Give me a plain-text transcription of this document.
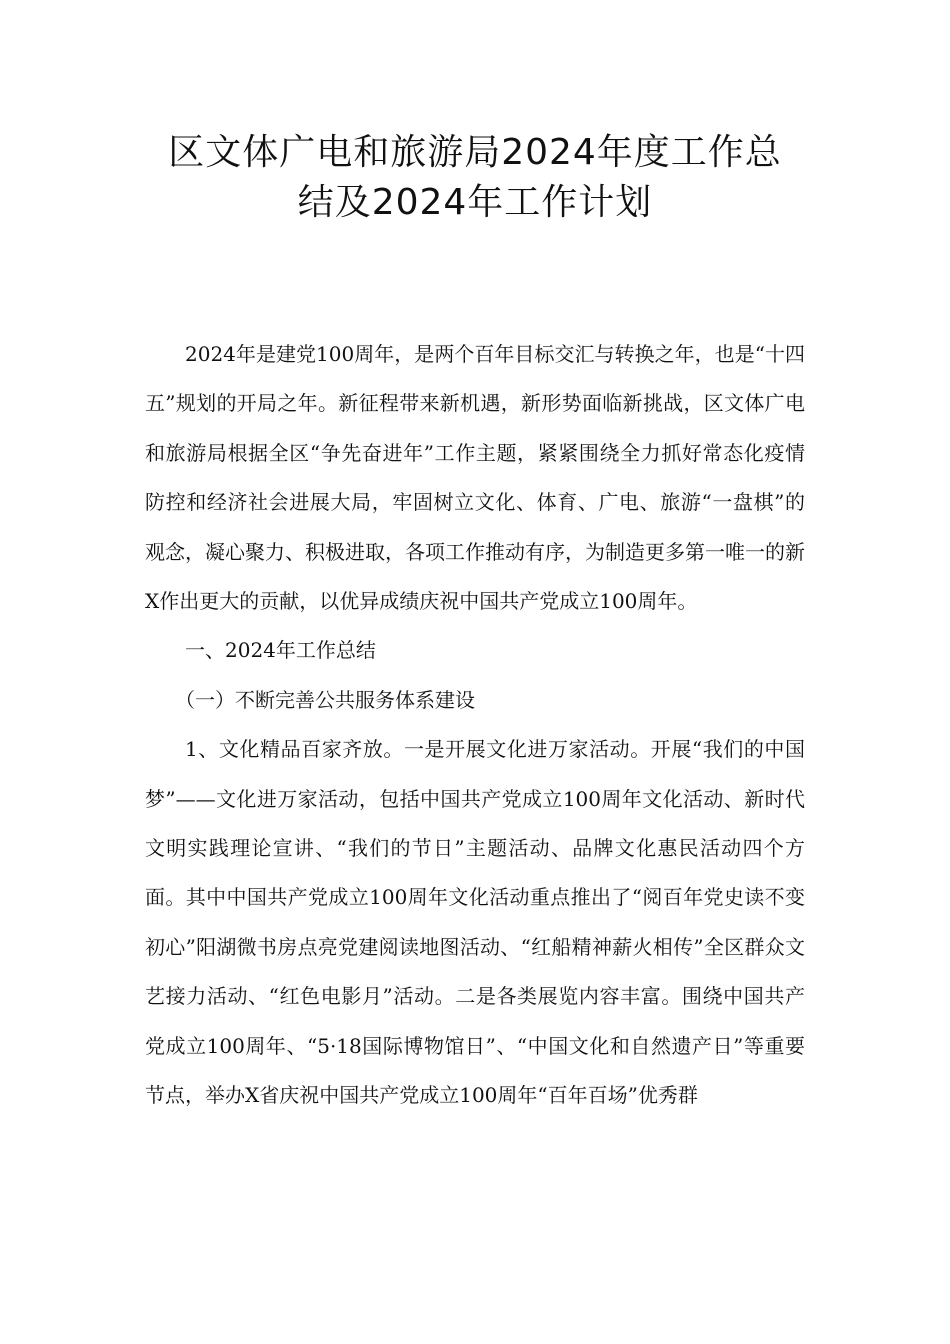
区文体广电和旅游局2024年度工作总
结及2024年工作计划

2024年是建党100周年，是两个百年目标交汇与转换之年，也是“十四五”规划的开局之年。新征程带来新机遇，新形势面临新挑战，区文体广电和旅游局根据全区“争先奋进年”工作主题，紧紧围绕全力抓好常态化疫情防控和经济社会进展大局，牢固树立文化、体育、广电、旅游“一盘棋”的观念，凝心聚力、积极进取，各项工作推动有序，为制造更多第一唯一的新X作出更大的贡献，以优异成绩庆祝中国共产党成立100周年。

一、2024年工作总结

（一）不断完善公共服务体系建设

1、文化精品百家齐放。一是开展文化进万家活动。开展“我们的中国梦”——文化进万家活动，包括中国共产党成立100周年文化活动、新时代文明实践理论宣讲、“我们的节日”主题活动、品牌文化惠民活动四个方面。其中中国共产党成立100周年文化活动重点推出了“阅百年党史读不变初心”阳湖微书房点亮党建阅读地图活动、“红船精神薪火相传”全区群众文艺接力活动、“红色电影月”活动。二是各类展览内容丰富。围绕中国共产党成立100周年、“5·18国际博物馆日”、“中国文化和自然遗产日”等重要节点，举办X省庆祝中国共产党成立100周年“百年百场”优秀群
